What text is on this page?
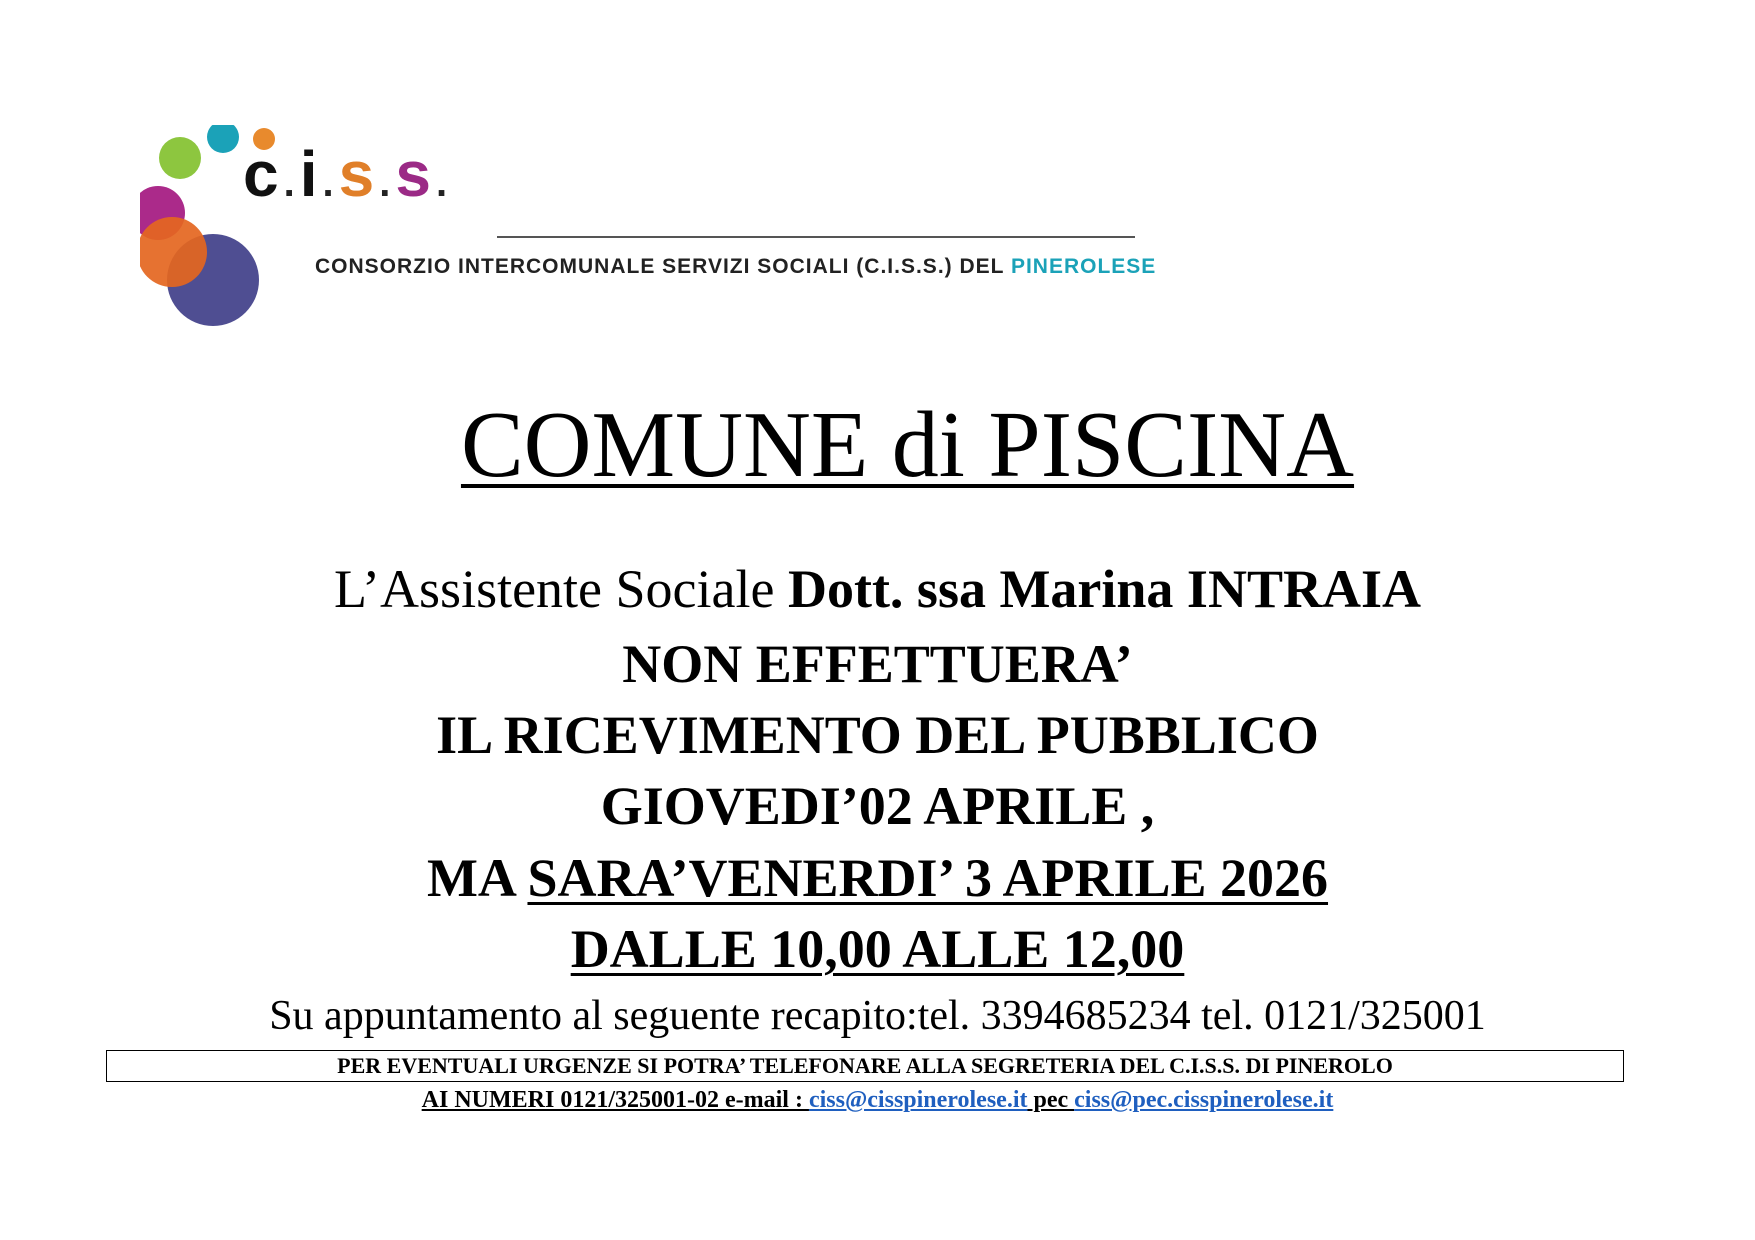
c.i.s.s.
CONSORZIO INTERCOMUNALE SERVIZI SOCIALI (C.I.S.S.) DEL PINEROLESE
COMUNE di PISCINA
L’Assistente Sociale Dott. ssa Marina INTRAIA
NON EFFETTUERA’
IL RICEVIMENTO DEL PUBBLICO
GIOVEDI’02 APRILE ,
MA SARA’VENERDI’ 3 APRILE 2026
DALLE 10,00 ALLE 12,00
Su appuntamento al seguente recapito:tel. 3394685234 tel. 0121/325001
PER EVENTUALI URGENZE SI POTRA’ TELEFONARE ALLA SEGRETERIA DEL C.I.S.S. DI PINEROLO
AI NUMERI 0121/325001-02 e-mail : ciss@cisspinerolese.it pec ciss@pec.cisspinerolese.it
